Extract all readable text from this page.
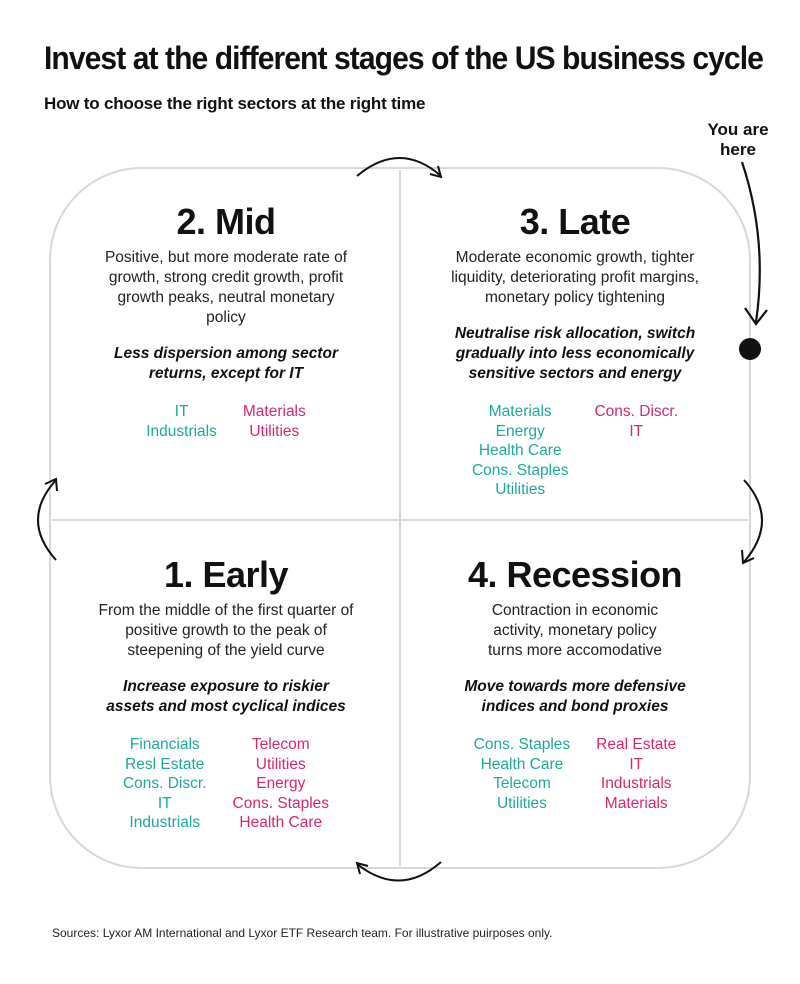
Invest at the different stages of the US business cycle

How to choose the right sectors at the right time

You are here
2. Mid

Positive, but more moderate rate of growth, strong credit growth, profit growth peaks, neutral monetary policy

Less dispersion among sector returns, except for IT

IT
Industrials
Materials
Utilities
3. Late

Moderate economic growth, tighter liquidity, deteriorating profit margins, monetary policy tightening

Neutralise risk allocation, switch gradually into less economically sensitive sectors and energy

Materials
Energy
Health Care
Cons. Staples
Utilities
Cons. Discr.
IT
1. Early

From the middle of the first quarter of positive growth to the peak of steepening of the yield curve

Increase exposure to riskier assets and most cyclical indices

Financials
Resl Estate
Cons. Discr.
IT
Industrials
Telecom
Utilities
Energy
Cons. Staples
Health Care
4. Recession

Contraction in economic activity, monetary policy turns more accomodative

Move towards more defensive indices and bond proxies

Cons. Staples
Health Care
Telecom
Utilities
Real Estate
IT
Industrials
Materials
Sources: Lyxor AM International and Lyxor ETF Research team. For illustrative puirposes only.
